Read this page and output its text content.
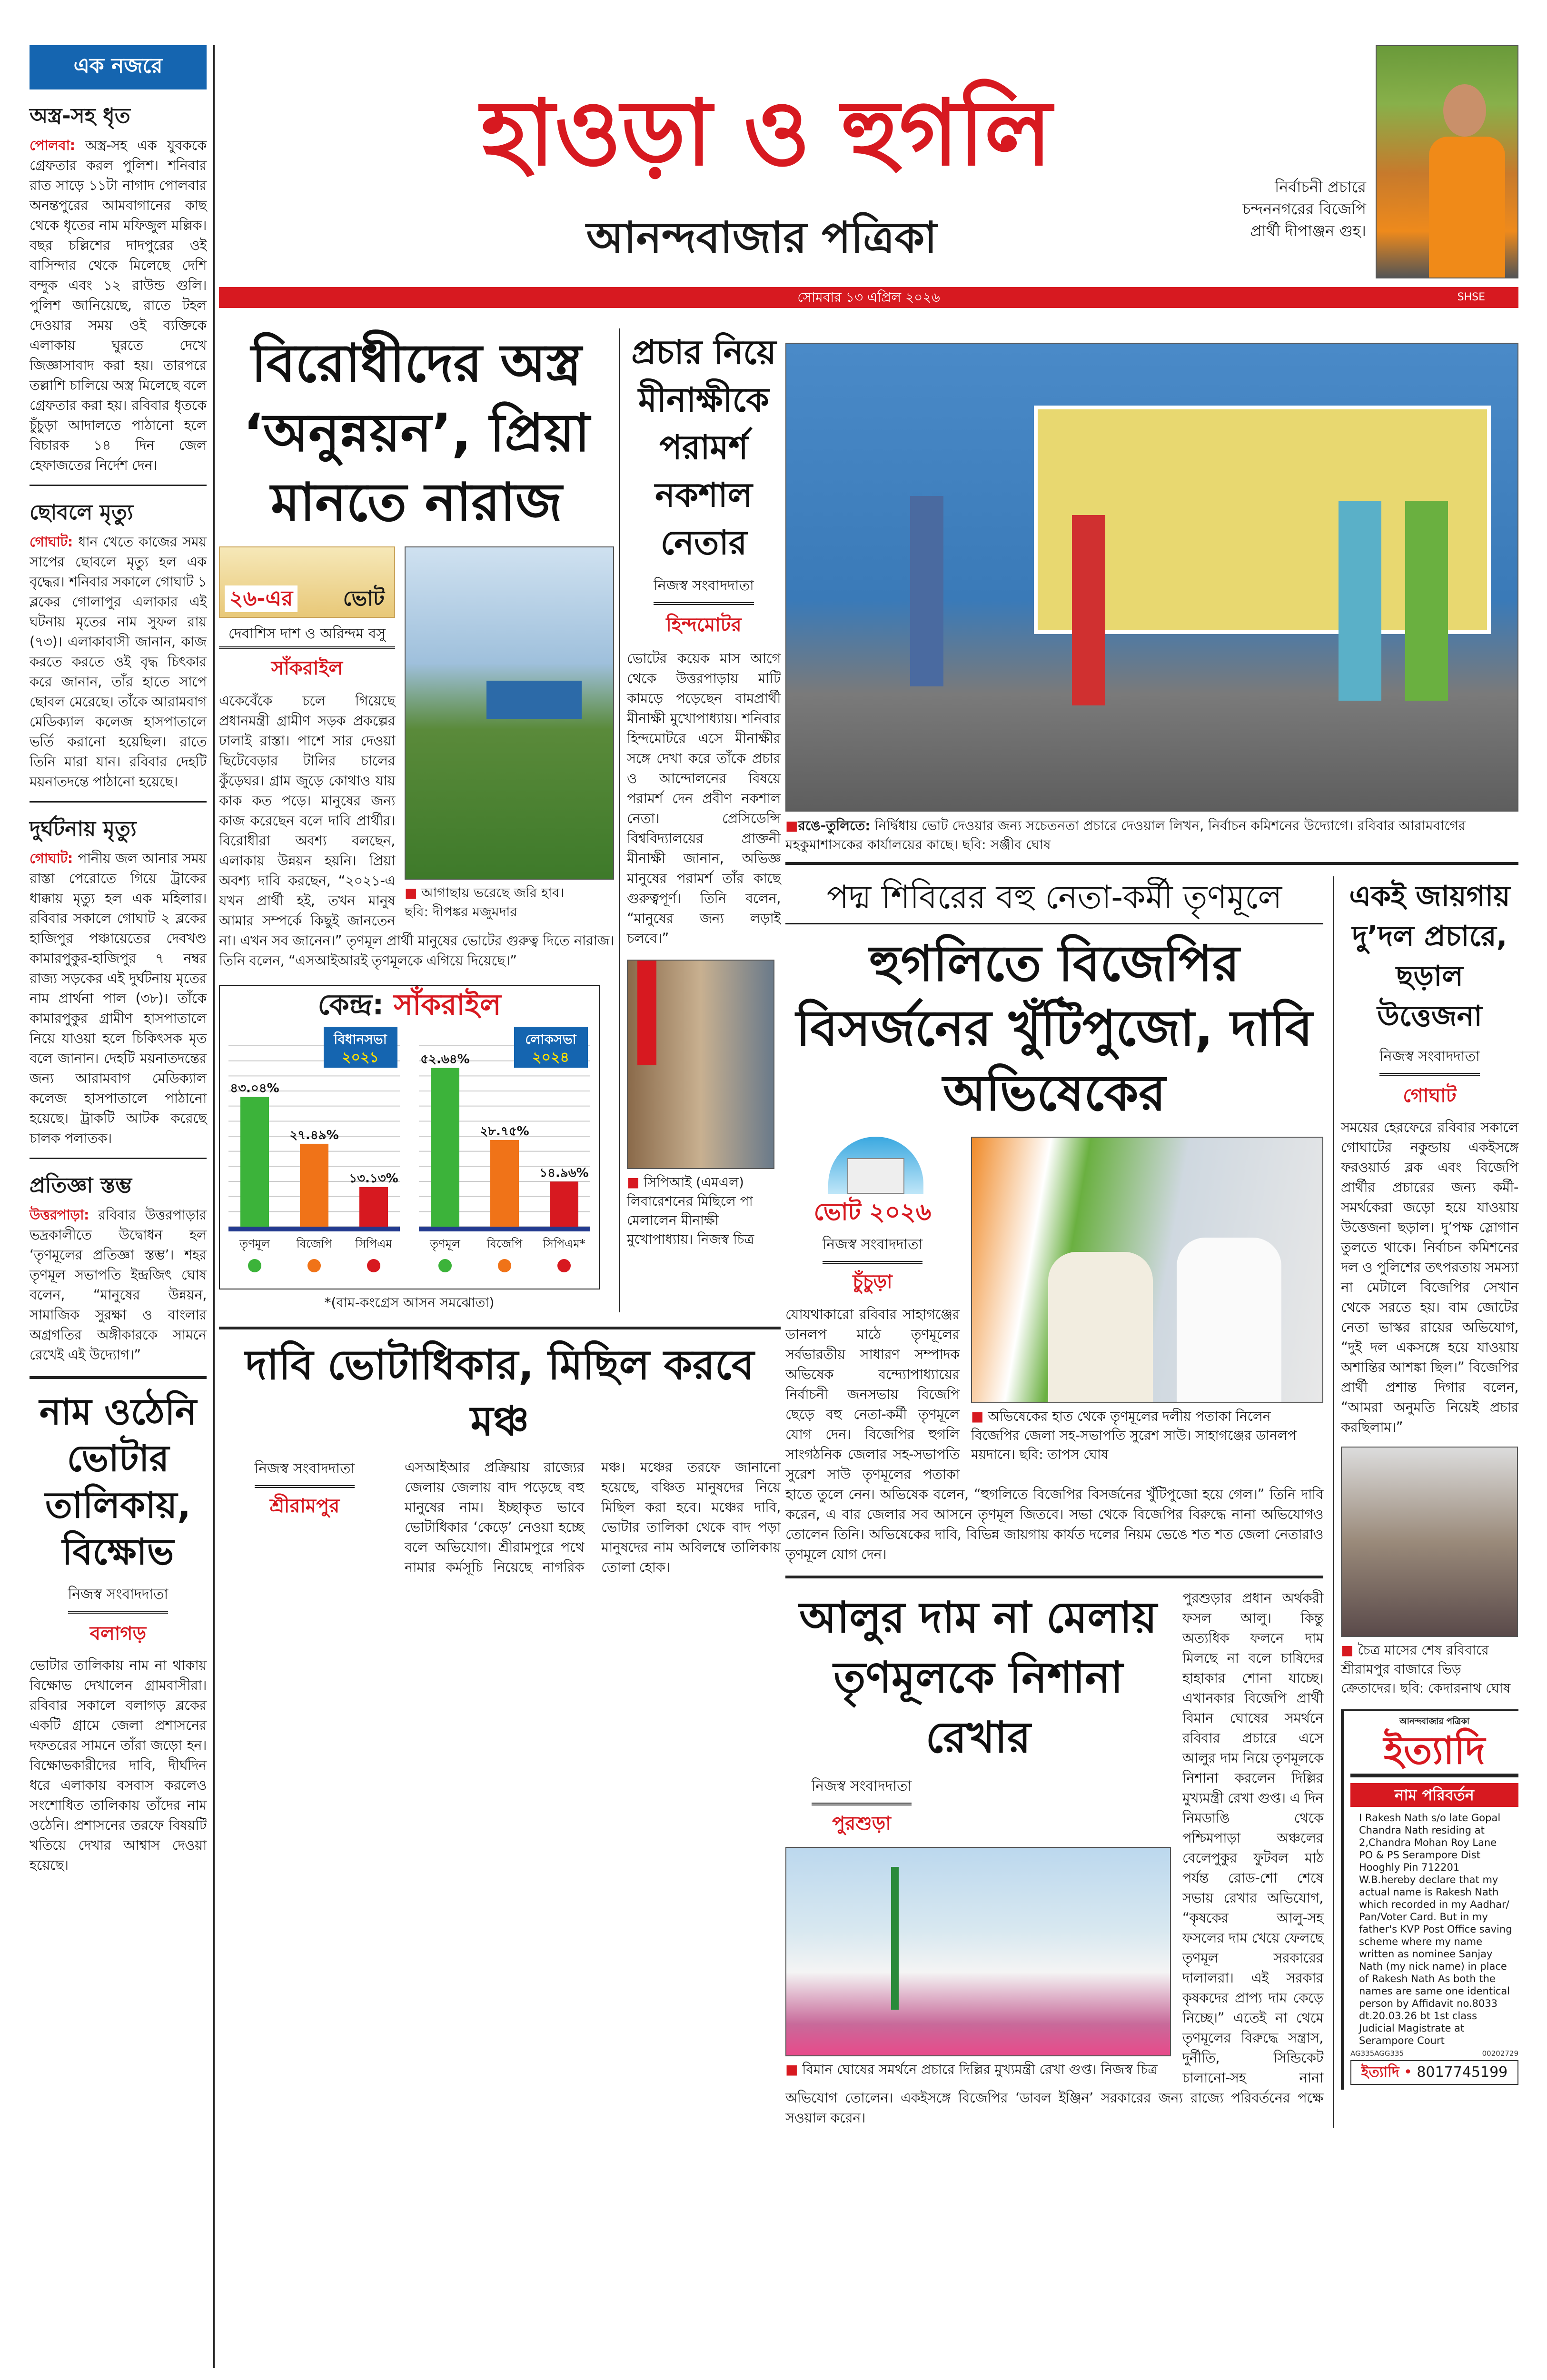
এক নজরে
অস্ত্র-সহ ধৃত
পোলবা: অস্ত্র-সহ এক যুবককে গ্রেফতার করল পুলিশ। শনিবার রাত সাড়ে ১১টা নাগাদ পোলবার অনন্তপুরের আমবাগানের কাছ থেকে ধৃতের নাম মফিজুল মল্লিক। বছর চল্লিশের দাদপুরের ওই বাসিন্দার থেকে মিলেছে দেশি বন্দুক এবং ১২ রাউন্ড গুলি। পুলিশ জানিয়েছে, রাতে টহল দেওয়ার সময় ওই ব্যক্তিকে এলাকায় ঘুরতে দেখে জিজ্ঞাসাবাদ করা হয়। তারপরে তল্লাশি চালিয়ে অস্ত্র মিলেছে বলে গ্রেফতার করা হয়। রবিবার ধৃতকে চুঁচুড়া আদালতে পাঠানো হলে বিচারক ১৪ দিন জেল হেফাজতের নির্দেশ দেন।
ছোবলে মৃত্যু
গোঘাট: ধান খেতে কাজের সময় সাপের ছোবলে মৃত্যু হল এক বৃদ্ধের। শনিবার সকালে গোঘাট ১ ব্লকের গোলাপুর এলাকার এই ঘটনায় মৃতের নাম সুফল রায় (৭৩)। এলাকাবাসী জানান, কাজ করতে করতে ওই বৃদ্ধ চিৎকার করে জানান, তাঁর হাতে সাপে ছোবল মেরেছে। তাঁকে আরামবাগ মেডিক্যাল কলেজ হাসপাতালে ভর্তি করানো হয়েছিল। রাতে তিনি মারা যান। রবিবার দেহটি ময়নাতদন্তে পাঠানো হয়েছে।
দুর্ঘটনায় মৃত্যু
গোঘাট: পানীয় জল আনার সময় রাস্তা পেরোতে গিয়ে ট্রাকের ধাক্কায় মৃত্যু হল এক মহিলার। রবিবার সকালে গোঘাট ২ ব্লকের হাজিপুর পঞ্চায়েতের দেবখণ্ড কামারপুকুর-হাজিপুর ৭ নম্বর রাজ্য সড়কের এই দুর্ঘটনায় মৃতের নাম প্রার্থনা পাল (৩৮)। তাঁকে কামারপুকুর গ্রামীণ হাসপাতালে নিয়ে যাওয়া হলে চিকিৎসক মৃত বলে জানান। দেহটি ময়নাতদন্তের জন্য আরামবাগ মেডিক্যাল কলেজ হাসপাতালে পাঠানো হয়েছে। ট্রাকটি আটক করেছে চালক পলাতক।
প্রতিজ্ঞা স্তম্ভ
উত্তরপাড়া: রবিবার উত্তরপাড়ার ভদ্রকালীতে উদ্বোধন হল ‘তৃণমূলের প্রতিজ্ঞা স্তম্ভ’। শহর তৃণমূল সভাপতি ইন্দ্রজিৎ ঘোষ বলেন, “মানুষের উন্নয়ন, সামাজিক সুরক্ষা ও বাংলার অগ্রগতির অঙ্গীকারকে সামনে রেখেই এই উদ্যোগ।”
নাম ওঠেনি ভোটার তালিকায়, বিক্ষোভ
নিজস্ব সংবাদদাতা
বলাগড়
ভোটার তালিকায় নাম না থাকায় বিক্ষোভ দেখালেন গ্রামবাসীরা। রবিবার সকালে বলাগড় ব্লকের একটি গ্রামে জেলা প্রশাসনের দফতরের সামনে তাঁরা জড়ো হন। বিক্ষোভকারীদের দাবি, দীর্ঘদিন ধরে এলাকায় বসবাস করলেও সংশোধিত তালিকায় তাঁদের নাম ওঠেনি। প্রশাসনের তরফে বিষয়টি খতিয়ে দেখার আশ্বাস দেওয়া হয়েছে।
হাওড়া ও হুগলি
আনন্দবাজার পত্রিকা
নির্বাচনী প্রচারে চন্দননগরের বিজেপি প্রার্থী দীপাঞ্জন গুহ।
সোমবার ১৩ এপ্রিল ২০২৬	SHSE
বিরোধীদের অস্ত্র ‘অনুন্নয়ন’, প্রিয়া মানতে নারাজ
■ আগাছায় ভরেছে জরি হাব।
ছবি: দীপঙ্কর মজুমদার
২৬-এর ভোট
দেবাশিস দাশ ও অরিন্দম বসু
সাঁকরাইল
একেবেঁকে চলে গিয়েছে প্রধানমন্ত্রী গ্রামীণ সড়ক প্রকল্পের ঢালাই রাস্তা। পাশে সার দেওয়া ছিটেবেড়ার টালির চালের কুঁড়েঘর। গ্রাম জুড়ে কোথাও যায় কাক কত পড়ে। মানুষের জন্য কাজ করেছেন বলে দাবি প্রার্থীর। বিরোধীরা অবশ্য বলছেন, এলাকায় উন্নয়ন হয়নি। প্রিয়া অবশ্য দাবি করছেন, “২০২১-এ যখন প্রার্থী হই, তখন মানুষ আমার সম্পর্কে কিছুই জানতেন না। এখন সব জানেন।” তৃণমূল প্রার্থী মানুষের ভোটের গুরুত্ব দিতে নারাজ। তিনি বলেন, “এসআইআরই তৃণমূলকে এগিয়ে দিয়েছে।”
কেন্দ্র: সাঁকরাইল
বিধানসভা
২০২১
৪৩.০৪%
তৃণমূল
২৭.৪৯%
বিজেপি
১৩.১৩%
সিপিএম
লোকসভা
২০২৪
৫২.৬৪%
তৃণমূল
২৮.৭৫%
বিজেপি
১৪.৯৬%
সিপিএম*
*(বাম-কংগ্রেস আসন সমঝোতা)
প্রচার নিয়ে মীনাক্ষীকে পরামর্শ নকশাল নেতার
নিজস্ব সংবাদদাতা
হিন্দমোটর
ভোটের কয়েক মাস আগে থেকে উত্তরপাড়ায় মাটি কামড়ে পড়েছেন বামপ্রার্থী মীনাক্ষী মুখোপাধ্যায়। শনিবার হিন্দমোটরে এসে মীনাক্ষীর সঙ্গে দেখা করে তাঁকে প্রচার ও আন্দোলনের বিষয়ে পরামর্শ দেন প্রবীণ নকশাল নেতা। প্রেসিডেন্সি বিশ্ববিদ্যালয়ের প্রাক্তনী মীনাক্ষী জানান, অভিজ্ঞ মানুষের পরামর্শ তাঁর কাছে গুরুত্বপূর্ণ। তিনি বলেন, “মানুষের জন্য লড়াই চলবে।”
■ সিপিআই (এমএল) লিবারেশনের মিছিলে পা মেলালেন মীনাক্ষী মুখোপাধ্যায়। নিজস্ব চিত্র
দাবি ভোটাধিকার, মিছিল করবে মঞ্চ
নিজস্ব সংবাদদাতা
শ্রীরামপুর
এসআইআর প্রক্রিয়ায় রাজ্যের জেলায় জেলায় বাদ পড়েছে বহু মানুষের নাম। ইচ্ছাকৃত ভাবে ভোটাধিকার ‘কেড়ে’ নেওয়া হচ্ছে বলে অভিযোগ। শ্রীরামপুরে পথে নামার কর্মসূচি নিয়েছে নাগরিক মঞ্চ। মঞ্চের তরফে জানানো হয়েছে, বঞ্চিত মানুষদের নিয়ে মিছিল করা হবে। মঞ্চের দাবি, ভোটার তালিকা থেকে বাদ পড়া মানুষদের নাম অবিলম্বে তালিকায় তোলা হোক।
■রঙে-তুলিতে: নির্দ্বিধায় ভোট দেওয়ার জন্য সচেতনতা প্রচারে দেওয়াল লিখন, নির্বাচন কমিশনের উদ্যোগে। রবিবার আরামবাগের মহকুমাশাসকের কার্যালয়ের কাছে। ছবি: সঞ্জীব ঘোষ
পদ্ম শিবিরের বহু নেতা-কর্মী তৃণমূলে
হুগলিতে বিজেপির বিসর্জনের খুঁটিপুজো, দাবি অভিষেকের
■ অভিষেকের হাত থেকে তৃণমূলের দলীয় পতাকা নিলেন বিজেপির জেলা সহ-সভাপতি সুরেশ সাউ। সাহাগঞ্জের ডানলপ ময়দানে। ছবি: তাপস ঘোষ
ভোট ২০২৬
নিজস্ব সংবাদদাতা
চুঁচুড়া
যোযথাকারো রবিবার সাহাগঞ্জের ডানলপ মাঠে তৃণমূলের সর্বভারতীয় সাধারণ সম্পাদক অভিষেক বন্দ্যোপাধ্যায়ের নির্বাচনী জনসভায় বিজেপি ছেড়ে বহু নেতা-কর্মী তৃণমূলে যোগ দেন। বিজেপির হুগলি সাংগঠনিক জেলার সহ-সভাপতি সুরেশ সাউ তৃণমূলের পতাকা হাতে তুলে নেন। অভিষেক বলেন, “হুগলিতে বিজেপির বিসর্জনের খুঁটিপুজো হয়ে গেল।” তিনি দাবি করেন, এ বার জেলার সব আসনে তৃণমূল জিতবে। সভা থেকে বিজেপির বিরুদ্ধে নানা অভিযোগও তোলেন তিনি। অভিষেকের দাবি, বিভিন্ন জায়গায় কার্যত দলের নিয়ম ভেঙে শত শত জেলা নেতারাও তৃণমূলে যোগ দেন।
আলুর দাম না মেলায় তৃণমূলকে নিশানা রেখার
নিজস্ব সংবাদদাতা
পুরশুড়া
■ বিমান ঘোষের সমর্থনে প্রচারে দিল্লির মুখ্যমন্ত্রী রেখা গুপ্ত। নিজস্ব চিত্র
পুরশুড়ার প্রধান অর্থকরী ফসল আলু। কিন্তু অত্যধিক ফলনে দাম মিলছে না বলে চাষিদের হাহাকার শোনা যাচ্ছে। এখানকার বিজেপি প্রার্থী বিমান ঘোষের সমর্থনে রবিবার প্রচারে এসে আলুর দাম নিয়ে তৃণমূলকে নিশানা করলেন দিল্লির মুখ্যমন্ত্রী রেখা গুপ্ত। এ দিন নিমডাঙি থেকে পশ্চিমপাড়া অঞ্চলের বেলেপুকুর ফুটবল মাঠ পর্যন্ত রোড-শো শেষে সভায় রেখার অভিযোগ, “কৃষকের আলু-সহ ফসলের দাম খেয়ে ফেলছে তৃণমূল সরকারের দালালরা। এই সরকার কৃষকদের প্রাপ্য দাম কেড়ে নিচ্ছে।” এতেই না থেমে তৃণমূলের বিরুদ্ধে সন্ত্রাস, দুর্নীতি, সিন্ডিকেট চালানো-সহ নানা অভিযোগ তোলেন। একইসঙ্গে বিজেপির ‘ডাবল ইঞ্জিন’ সরকারের জন্য রাজ্যে পরিবর্তনের পক্ষে সওয়াল করেন।
একই জায়গায় দু’দল প্রচারে, ছড়াল উত্তেজনা
নিজস্ব সংবাদদাতা
গোঘাট
সময়ের হেরফেরে রবিবার সকালে গোঘাটের নকুন্ডায় একইসঙ্গে ফরওয়ার্ড ব্লক এবং বিজেপি প্রার্থীর প্রচারের জন্য কর্মী-সমর্থকেরা জড়ো হয়ে যাওয়ায় উত্তেজনা ছড়াল। দু’পক্ষ স্লোগান তুলতে থাকে। নির্বাচন কমিশনের দল ও পুলিশের তৎপরতায় সমস্যা না মেটালে বিজেপির সেখান থেকে সরতে হয়। বাম জোটের নেতা ভাস্কর রায়ের অভিযোগ, “দুই দল একসঙ্গে হয়ে যাওয়ায় অশান্তির আশঙ্কা ছিল।” বিজেপির প্রার্থী প্রশান্ত দিগার বলেন, “আমরা অনুমতি নিয়েই প্রচার করছিলাম।”
■ চৈত্র মাসের শেষ রবিবারে শ্রীরামপুর বাজারে ভিড় ক্রেতাদের। ছবি: কেদারনাথ ঘোষ
আনন্দবাজার পত্রিকা
ইত্যাদি
নাম পরিবর্তন
I Rakesh Nath s/o late Gopal Chandra Nath residing at 2,Chandra Mohan Roy Lane PO & PS Serampore Dist Hooghly Pin 712201 W.B.hereby declare that my actual name is Rakesh Nath which recorded in my Aadhar/ Pan/Voter Card. But in my father's KVP Post Office saving scheme where my name written as nominee Sanjay Nath (my nick name) in place of Rakesh Nath As both the names are same one identical person by Affidavit no.8033 dt.20.03.26 bt 1st class Judicial Magistrate at Serampore Court
AG335AGG335	00202729
ইত্যাদি • 8017745199
